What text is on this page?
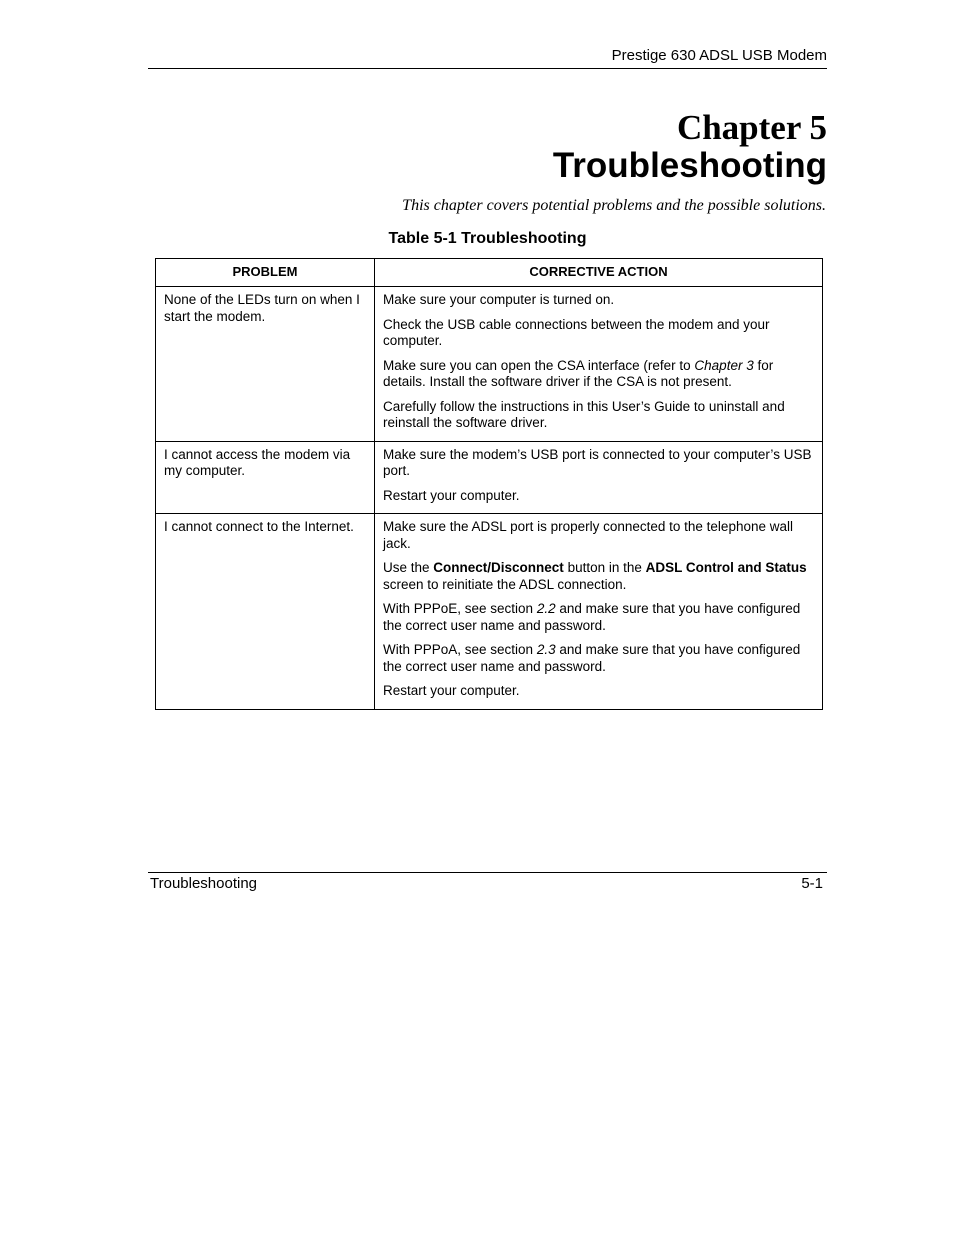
Prestige 630 ADSL USB Modem
Chapter 5
Troubleshooting
This chapter covers potential problems and the possible solutions.
Table 5-1 Troubleshooting
PROBLEM	CORRECTIVE ACTION
None of the LEDs turn on when I start the modem.	Make sure your computer is turned on.

Check the USB cable connections between the modem and your computer.

Make sure you can open the CSA interface (refer to Chapter 3 for details. Install the software driver if the CSA is not present.

Carefully follow the instructions in this User’s Guide to uninstall and reinstall the software driver.

I cannot access the modem via my computer.	Make sure the modem’s USB port is connected to your computer’s USB port.

Restart your computer.

I cannot connect to the Internet.	Make sure the ADSL port is properly connected to the telephone wall jack.

Use the Connect/Disconnect button in the ADSL Control and Status screen to reinitiate the ADSL connection.

With PPPoE, see section 2.2 and make sure that you have configured the correct user name and password.

With PPPoA, see section 2.3 and make sure that you have configured the correct user name and password.

Restart your computer.

Troubleshooting	5-1
